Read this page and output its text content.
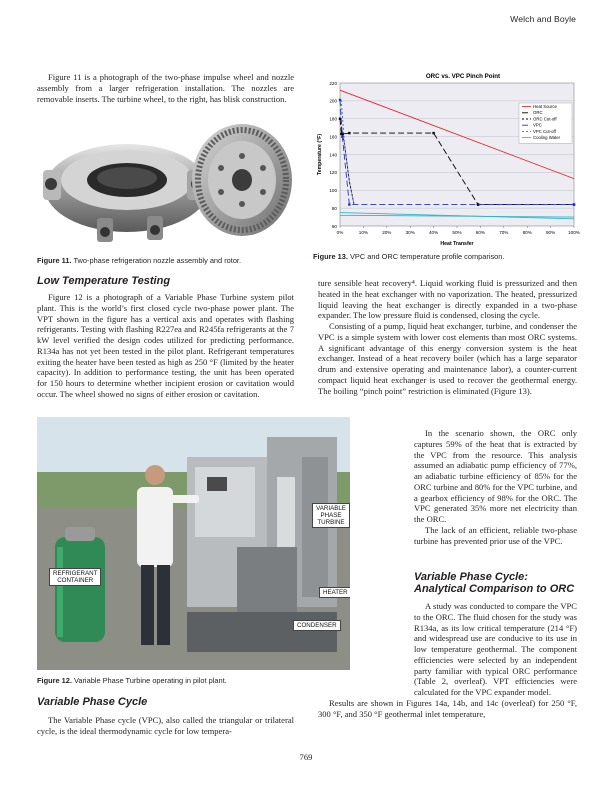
Welch and Boyle

Figure 11 is a photograph of the two-phase impulse wheel and nozzle assembly from a larger refrigeration installation. The nozzles are removable inserts. The turbine wheel, to the right, has blisk construction.

Figure 11. Two-phase refrigeration nozzle assembly and rotor.
Low Temperature Testing

Figure 12 is a photograph of a Variable Phase Turbine system pilot plant. This is the world’s first closed cycle two-phase power plant. The VPT shown in the figure has a vertical axis and operates with flashing refrigerants. Testing with flashing R227ea and R245fa refrigerants at the 7 kW level verified the design codes utilized for predicting performance. R134a has not yet been tested in the pilot plant. Refrigerant temperatures exiting the heater have been tested as high as 250 °F (limited by the heater capacity). In addition to performance testing, the unit has been operated for 150 hours to determine whether incipient erosion or cavitation would occur. The wheel showed no signs of either erosion or cavitation.

VARIABLE PHASE TURBINE
REFRIGERANT
CONTAINER
HEATER
CONDENSER
Figure 12. Variable Phase Turbine operating in pilot plant.
Variable Phase Cycle

The Variable Phase cycle (VPC), also called the triangular or trilateral cycle, is the ideal thermodynamic cycle for low tempera-

ORC vs. VPC Pinch Point
Temperature (°F)
Heat Transfer
60
80
100
120
140
160
180
200
220
0%	10%	20%	30%	40%	50%	60%	70%	80%	90%	100%
Heat Source
ORC
ORC Cut-off
VPC
VPC Cut-off
Cooling Water
Figure 13. VPC and ORC temperature profile comparison.

ture sensible heat recovery⁴. Liquid working fluid is pressurized and then heated in the heat exchanger with no vaporization. The heated, pressurized liquid leaving the heat exchanger is directly expanded in a two-phase expander. The low pressure fluid is condensed, closing the cycle.

Consisting of a pump, liquid heat exchanger, turbine, and condenser the VPC is a simple system with lower cost elements than most ORC systems. A significant advantage of this energy conversion system is the heat exchanger. Instead of a heat recovery boiler (which has a large separator drum and extensive operating and maintenance labor), a counter-current compact liquid heat exchanger is used to recover the geothermal energy. The boiling “pinch point” restriction is eliminated (Figure 13).

In the scenario shown, the ORC only captures 59% of the heat that is extracted by the VPC from the resource. This analysis assumed an adiabatic pump efficiency of 77%, an adiabatic turbine efficiency of 85% for the ORC turbine and 80% for the VPC turbine, and a gearbox efficiency of 98% for the ORC. The VPC generated 35% more net electricity than the ORC.

The lack of an efficient, reliable two-phase turbine has prevented prior use of the VPC.

Variable Phase Cycle:
Analytical Comparison to ORC

A study was conducted to compare the VPC to the ORC. The fluid chosen for the study was R134a, as its low critical temperature (214 °F) and widespread use are conducive to its use in low temperature geothermal. The component efficiencies were selected by an independent party familiar with typical ORC performance (Table 2, overleaf). VPT efficiencies were calculated for the VPC expander model.

Results are shown in Figures 14a, 14b, and 14c (overleaf) for 250 °F, 300 °F, and 350 °F geothermal inlet temperature,

769
